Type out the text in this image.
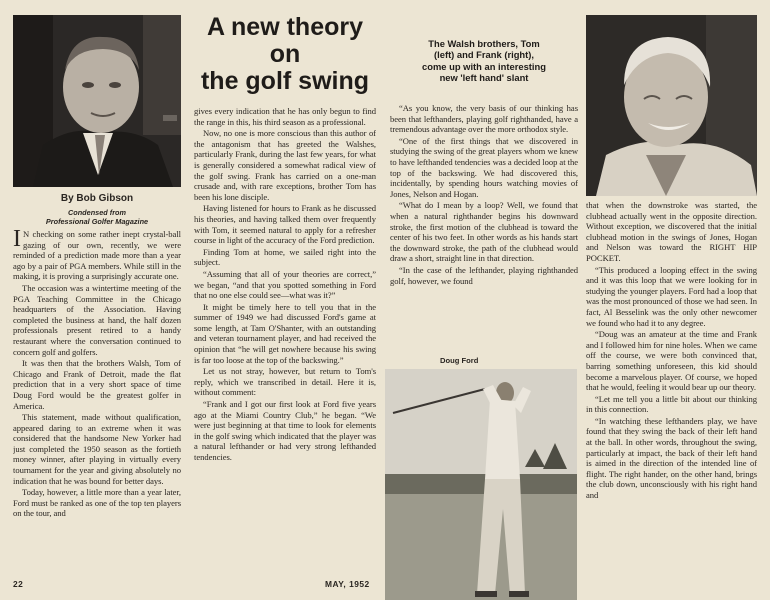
By Bob Gibson
Condensed from
Professional Golfer Magazine

I N checking on some rather inept crystal-ball gazing of our own, recently, we were reminded of a prediction made more than a year ago by a pair of PGA members. While still in the making, it is proving a surprisingly accurate one.

The occasion was a wintertime meeting of the PGA Teaching Committee in the Chicago headquarters of the Association. Having completed the business at hand, the half dozen professionals present retired to a handy restaurant where the conversation continued to concern golf and golfers.

It was then that the brothers Walsh, Tom of Chicago and Frank of Detroit, made the flat prediction that in a very short space of time Doug Ford would be the greatest golfer in America.

This statement, made without qualification, appeared daring to an extreme when it was considered that the handsome New Yorker had just completed the 1950 season as the fortieth money winner, after playing in virtually every tournament for the year and giving absolutely no indication that he was bound for better days.

Today, however, a little more than a year later, Ford must be ranked as one of the top ten players on the tour, and

A new theory
on
the golf swing

gives every indication that he has only begun to find the range in this, his third season as a professional.

Now, no one is more conscious than this author of the antagonism that has greeted the Walshes, particularly Frank, during the last few years, for what is generally considered a somewhat radical view of the golf swing. Frank has carried on a one-man crusade and, with rare exceptions, brother Tom has been his lone disciple.

Having listened for hours to Frank as he discussed his theories, and having talked them over frequently with Tom, it seemed natural to apply for a refresher course in light of the accuracy of the Ford prediction.

Finding Tom at home, we sailed right into the subject.

“Assuming that all of your theories are correct,” we began, “and that you spotted something in Ford that no one else could see—what was it?”

It might be timely here to tell you that in the summer of 1949 we had discussed Ford's game at some length, at Tam O'Shanter, with an outstanding and veteran tournament player, and had received the opinion that “he will get nowhere because his swing is far too loose at the top of the backswing.”

Let us not stray, however, but return to Tom's reply, which we transcribed in detail. Here it is, without comment:

“Frank and I got our first look at Ford five years ago at the Miami Country Club,” he began. “We were just beginning at that time to look for elements in the golf swing which indicated that the player was a natural lefthander or had very strong lefthanded tendencies.

The Walsh brothers, Tom
(left) and Frank (right),
come up with an interesting
new 'left hand' slant

“As you know, the very basis of our thinking has been that lefthanders, playing golf righthanded, have a tremendous advantage over the more orthodox style.

“One of the first things that we discovered in studying the swing of the great players whom we knew to have lefthanded tendencies was a decided loop at the top of the backswing. We had discovered this, incidentally, by spending hours watching movies of Jones, Nelson and Hogan.

“What do I mean by a loop? Well, we found that when a natural righthander begins his downward stroke, the first motion of the clubhead is toward the center of his two feet. In other words as his hands start the downward stroke, the path of the clubhead would draw a short, straight line in that direction.

“In the case of the lefthander, playing righthanded golf, however, we found

Doug Ford

that when the downstroke was started, the clubhead actually went in the opposite direction. Without exception, we discovered that the initial clubhead motion in the swings of Jones, Hogan and Nelson was toward the RIGHT HIP POCKET.

“This produced a looping effect in the swing and it was this loop that we were looking for in studying the younger players. Ford had a loop that was the most pronounced of those we had seen. In fact, Al Besselink was the only other newcomer we found who had it to any degree.

“Doug was an amateur at the time and Frank and I followed him for nine holes. When we came off the course, we were both convinced that, barring something unforeseen, this kid should become a marvelous player. Of course, we hoped that he would, feeling it would bear up our theory.

“Let me tell you a little bit about our thinking in this connection.

“In watching these lefthanders play, we have found that they swing the back of their left hand at the ball. In other words, throughout the swing, particularly at impact, the back of their left hand is aimed in the direction of the intended line of flight. The right hander, on the other hand, brings the club down, unconsciously with his right hand and

22	MAY, 1952
